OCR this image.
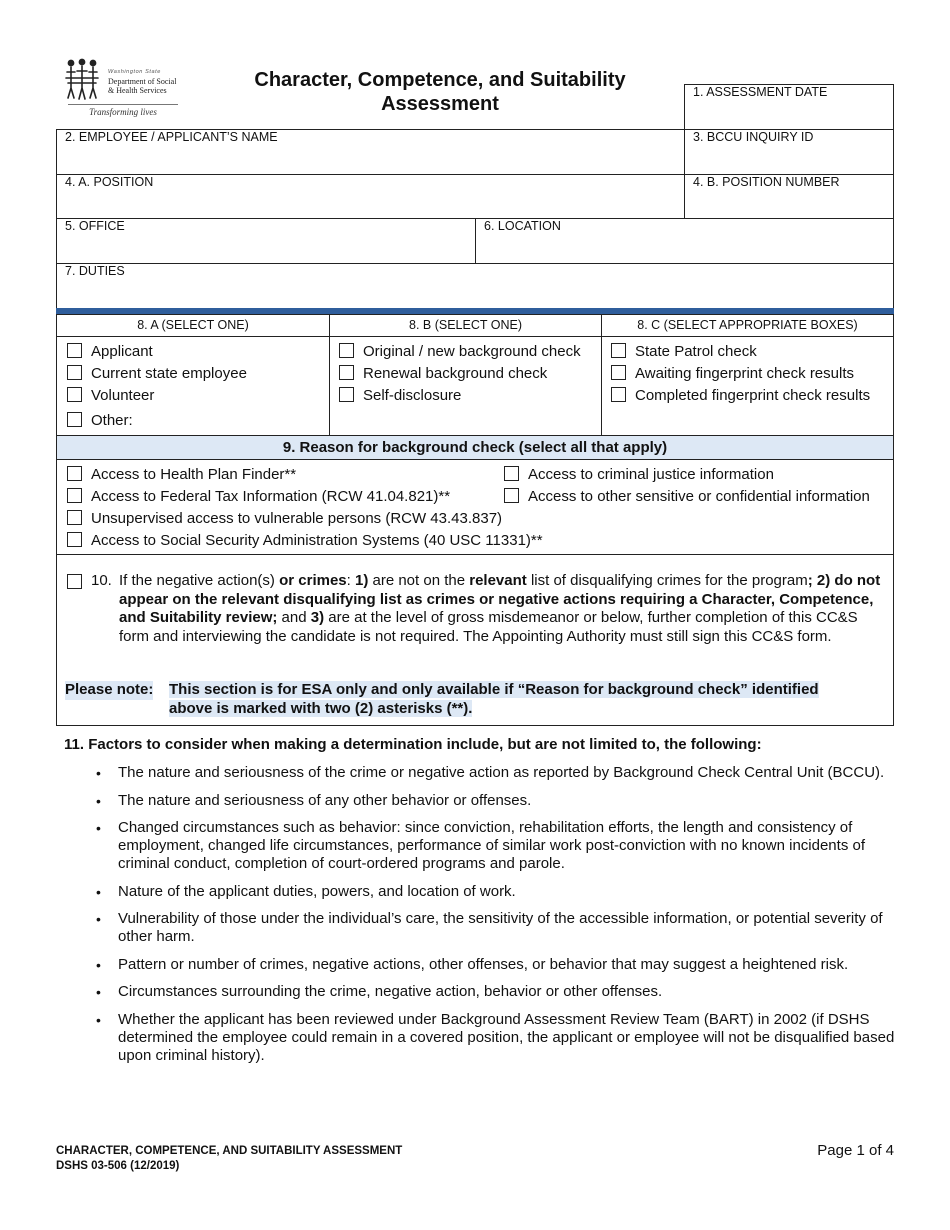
Washington State
Department of Social
& Health Services
Transforming lives
Character, Competence, and Suitability
Assessment
1. ASSESSMENT DATE
2. EMPLOYEE / APPLICANT’S NAME	3. BCCU INQUIRY ID
4. A. POSITION	4. B. POSITION NUMBER
5. OFFICE	6. LOCATION
7. DUTIES
8. A (SELECT ONE)	8. B (SELECT ONE)	8. C (SELECT APPROPRIATE BOXES)
Applicant
Current state employee
Volunteer
Other:
Original / new background check
Renewal background check
Self-disclosure
State Patrol check
Awaiting fingerprint check results
Completed fingerprint check results
9. Reason for background check (select all that apply)
Access to Health Plan Finder**
Access to Federal Tax Information (RCW 41.04.821)**
Unsupervised access to vulnerable persons (RCW 43.43.837)
Access to Social Security Administration Systems (40 USC 11331)**
Access to criminal justice information
Access to other sensitive or confidential information
10. If the negative action(s) or crimes: 1) are not on the relevant list of disqualifying crimes for the program; 2) do not appear on the relevant disqualifying list as crimes or negative actions requiring a Character, Competence, and Suitability review; and 3) are at the level of gross misdemeanor or below, further completion of this CC&S form and interviewing the candidate is not required. The Appointing Authority must still sign this CC&S form.
Please note: This section is for ESA only and only available if “Reason for background check” identified above is marked with two (2) asterisks (**).
11. Factors to consider when making a determination include, but are not limited to, the following:
• The nature and seriousness of the crime or negative action as reported by Background Check Central Unit (BCCU).
• The nature and seriousness of any other behavior or offenses.
• Changed circumstances such as behavior: since conviction, rehabilitation efforts, the length and consistency of employment, changed life circumstances, performance of similar work post-conviction with no known incidents of criminal conduct, completion of court-ordered programs and parole.
• Nature of the applicant duties, powers, and location of work.
• Vulnerability of those under the individual’s care, the sensitivity of the accessible information, or potential severity of other harm.
• Pattern or number of crimes, negative actions, other offenses, or behavior that may suggest a heightened risk.
• Circumstances surrounding the crime, negative action, behavior or other offenses.
• Whether the applicant has been reviewed under Background Assessment Review Team (BART) in 2002 (if DSHS determined the employee could remain in a covered position, the applicant or employee will not be disqualified based upon criminal history).
CHARACTER, COMPETENCE, AND SUITABILITY ASSESSMENT
DSHS 03-506 (12/2019)
Page 1 of 4
